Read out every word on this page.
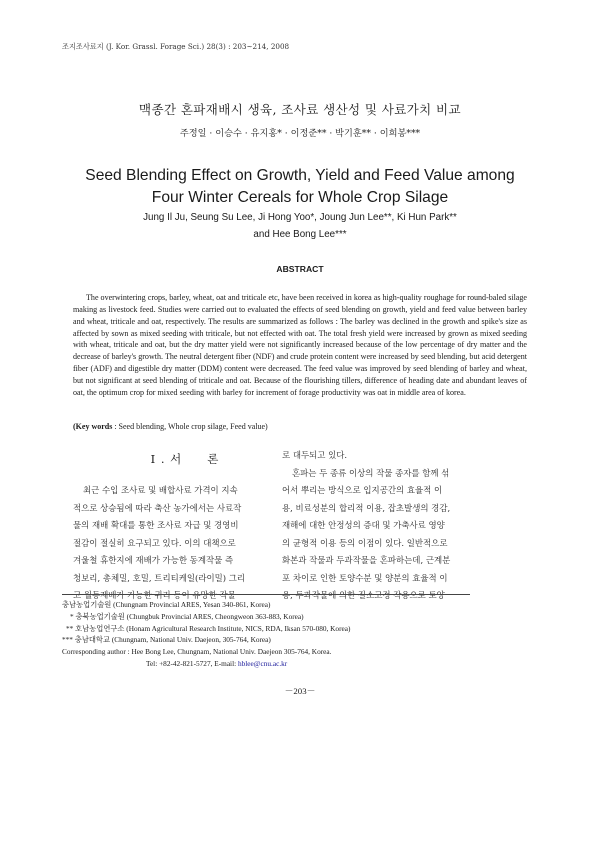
조지조사료지 (J. Kor. Grassl. Forage Sci.) 28(3) : 203~214, 2008
맥종간 혼파재배시 생육, 조사료 생산성 및 사료가치 비교
주정일 · 이승수 · 유지홍* · 이정준** · 박기훈** · 이희봉***
Seed Blending Effect on Growth, Yield and Feed Value among
Four Winter Cereals for Whole Crop Silage
Jung Il Ju, Seung Su Lee, Ji Hong Yoo*, Joung Jun Lee**, Ki Hun Park**
and Hee Bong Lee***
ABSTRACT
The overwintering crops, barley, wheat, oat and triticale etc, have been received in korea as high-quality roughage for round-baled silage making as livestock feed. Studies were carried out to evaluated the effects of seed blending on growth, yield and feed value between barley and wheat, triticale and oat, respectively. The results are summarized as follows : The barley was declined in the growth and spike's size as affected by sown as mixed seeding with triticale, but not effected with oat. The total fresh yield were increased by grown as mixed seeding with wheat, triticale and oat, but the dry matter yield were not significantly increased because of the low percentage of dry matter and the decrease of barley's growth. The neutral detergent fiber (NDF) and crude protein content were increased by seed blending, but acid detergent fiber (ADF) and digestible dry matter (DDM) content were decreased. The feed value was improved by seed blending of barley and wheat, but not significant at seed blending of triticale and oat. Because of the flourishing tillers, difference of heading date and abundant leaves of oat, the optimum crop for mixed seeding with barley for increment of forage productivity was oat in middle area of korea.
(Key words : Seed blending, Whole crop silage, Feed value)
I . 서　　론
최근 수입 조사료 및 배합사료 가격이 지속
적으로 상승됨에 따라 축산 농가에서는 사료작
물의 재배 확대를 통한 조사료 자급 및 경영비
절감이 절실히 요구되고 있다. 이의 대책으로
겨울철 휴한지에 재배가 가능한 동계작물 즉
청보리, 총체밀, 호밀, 트리티케일(라이밀) 그리
고 월동재배가 가능한 귀리 등이 유망한 작물
로 대두되고 있다.
혼파는 두 종류 이상의 작물 종자를 함께 섞
어서 뿌리는 방식으로 입지공간의 효율적 이
용, 비료성분의 합리적 이용, 잡초발생의 경감,
재해에 대한 안정성의 증대 및 가축사료 영양
의 균형적 이용 등의 이점이 있다. 일반적으로
화본과 작물과 두과작물을 혼파하는데, 근계분
포 차이로 인한 토양수분 및 양분의 효율적 이
용, 두과작물에 의한 질소고정 작용으로 토양
충남농업기술원 (Chungnam Provincial ARES, Yesan 340-861, Korea)
* 충북농업기술원 (Chungbuk Provincial ARES, Cheongweon 363-883, Korea)
** 호남농업연구소 (Honam Agricultural Research Institute, NICS, RDA, Iksan 570-080, Korea)
*** 충남대학교 (Chungnam, National Univ. Daejeon, 305-764, Korea)
Corresponding author : Hee Bong Lee, Chungnam, National Univ. Daejeon 305-764, Korea.
Tel: +82-42-821-5727, E-mail: hblee@cnu.ac.kr
－203－
